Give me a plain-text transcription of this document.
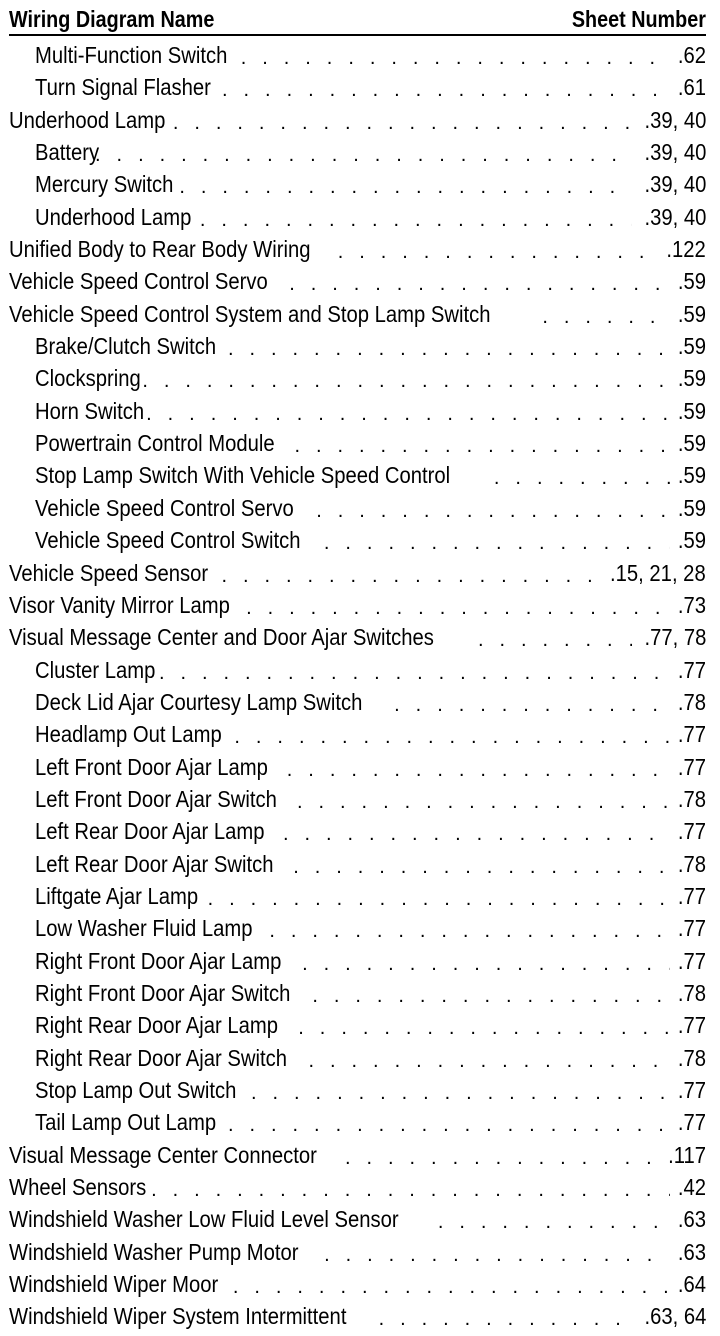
Wiring Diagram Name	Sheet Number
Multi-Function Switch . . .	.62
Turn Signal Flasher . . .	.61
Underhood Lamp . . .	.39, 40
Battery . . .	.39, 40
Mercury Switch . . .	.39, 40
Underhood Lamp . . .	.39, 40
Unified Body to Rear Body Wiring . . .	.122
Vehicle Speed Control Servo . . .	.59
Vehicle Speed Control System and Stop Lamp Switch . . .	.59
Brake/Clutch Switch . . .	.59
Clockspring . . .	.59
Horn Switch . . .	.59
Powertrain Control Module . . .	.59
Stop Lamp Switch With Vehicle Speed Control . . .	.59
Vehicle Speed Control Servo . . .	.59
Vehicle Speed Control Switch . . .	.59
Vehicle Speed Sensor . . .	.15, 21, 28
Visor Vanity Mirror Lamp . . .	.73
Visual Message Center and Door Ajar Switches . . .	.77, 78
Cluster Lamp . . .	.77
Deck Lid Ajar Courtesy Lamp Switch . . .	.78
Headlamp Out Lamp . . .	.77
Left Front Door Ajar Lamp . . .	.77
Left Front Door Ajar Switch . . .	.78
Left Rear Door Ajar Lamp . . .	.77
Left Rear Door Ajar Switch . . .	.78
Liftgate Ajar Lamp . . .	.77
Low Washer Fluid Lamp . . .	.77
Right Front Door Ajar Lamp . . .	.77
Right Front Door Ajar Switch . . .	.78
Right Rear Door Ajar Lamp . . .	.77
Right Rear Door Ajar Switch . . .	.78
Stop Lamp Out Switch . . .	.77
Tail Lamp Out Lamp . . .	.77
Visual Message Center Connector . . .	.117
Wheel Sensors . . .	.42
Windshield Washer Low Fluid Level Sensor . . .	.63
Windshield Washer Pump Motor . . .	.63
Windshield Wiper Moor . . .	.64
Windshield Wiper System Intermittent . . .	.63, 64
